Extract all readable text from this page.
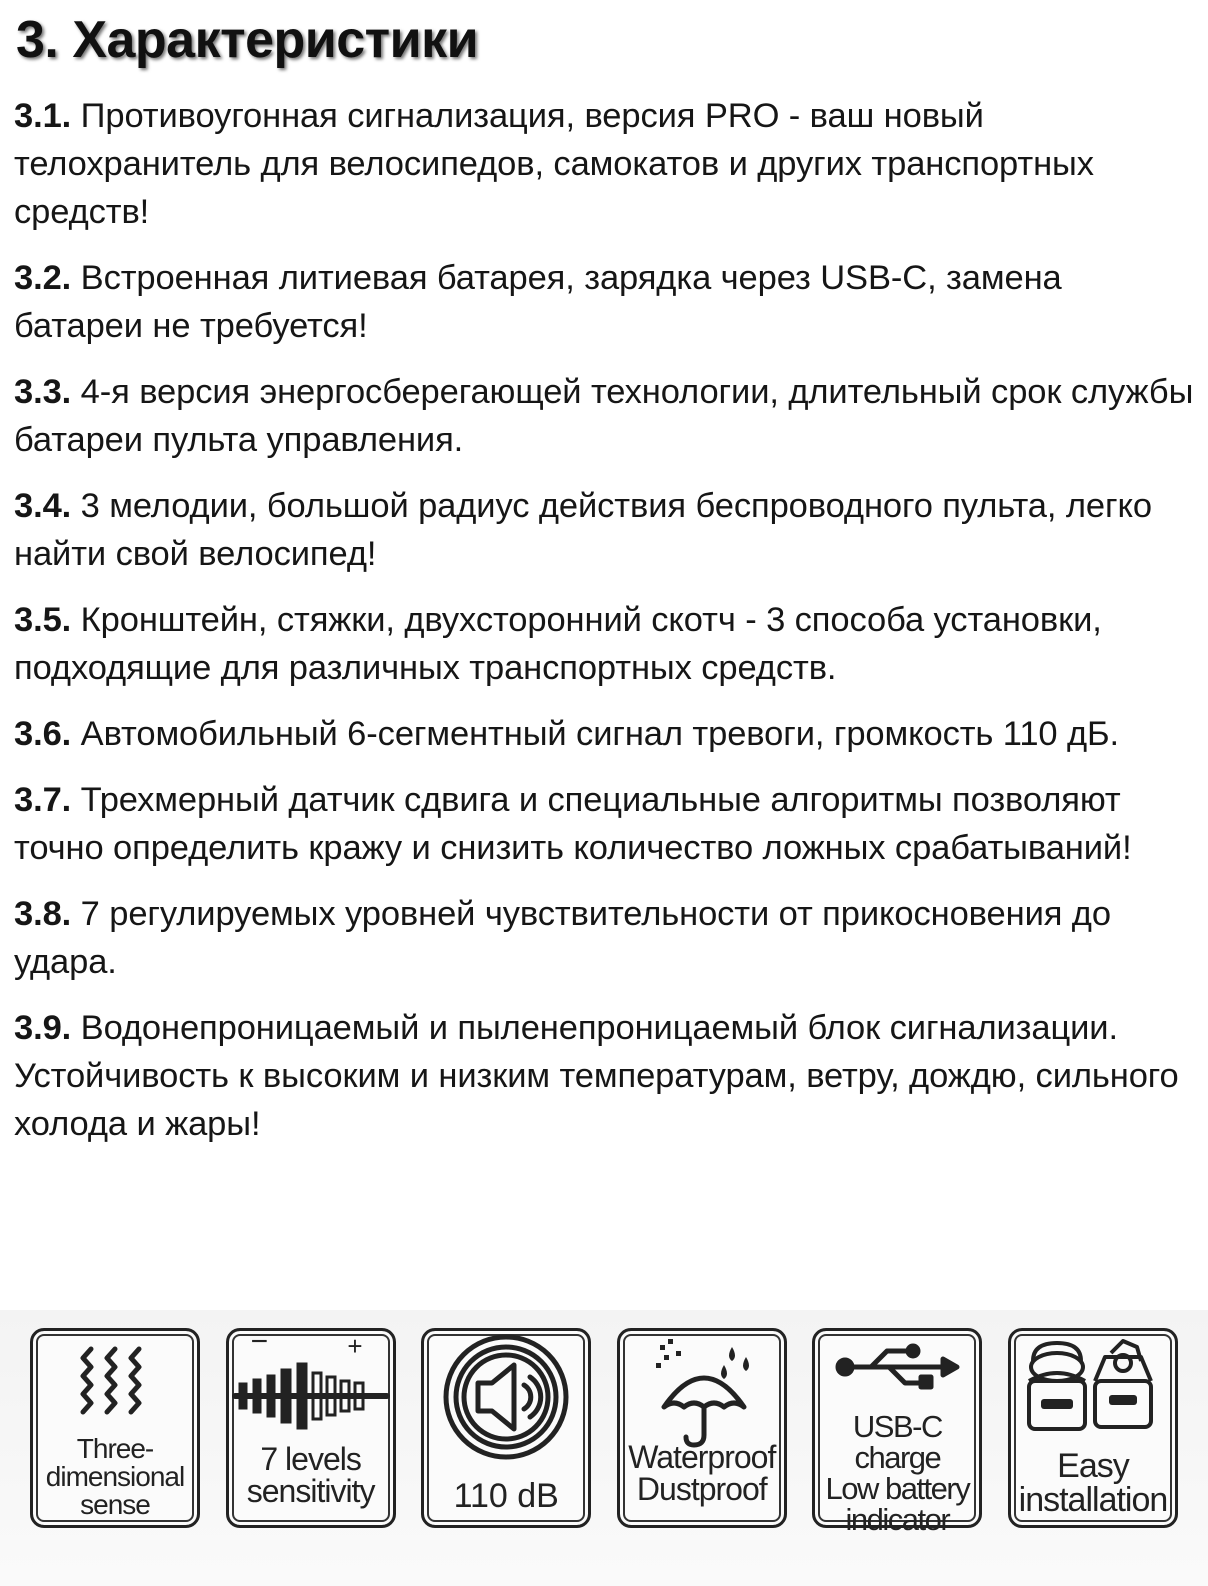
3. Характеристики

3.1. Противоугонная сигнализация, версия PRO - ваш новый телохранитель для велосипедов, самокатов и других транспортных средств!

3.2. Встроенная литиевая батарея, зарядка через USB-C, замена батареи не требуется!

3.3. 4-я версия энергосберегающей технологии, длительный срок службы батареи пульта управления.

3.4. 3 мелодии, большой радиус действия беспроводного пульта, легко найти свой велосипед!

3.5. Кронштейн, стяжки, двухсторонний скотч - 3 способа установки, подходящие для различных транспортных средств.

3.6. Автомобильный 6-сегментный сигнал тревоги, громкость 110 дБ.

3.7. Трехмерный датчик сдвига и специальные алгоритмы позволяют точно определить кражу и снизить количество ложных срабатываний!

3.8. 7 регулируемых уровней чувствительности от прикосновения до удара.

3.9. Водонепроницаемый и пыленепроницаемый блок сигнализации. Устойчивость к высоким и низким температурам, ветру, дождю, сильного холода и жары!

Three-
dimensional
sense
−	+
7 levels
sensitivity	110 dB
Waterproof
Dustproof
USB-C charge
Low battery
indicator
Easy
installation
